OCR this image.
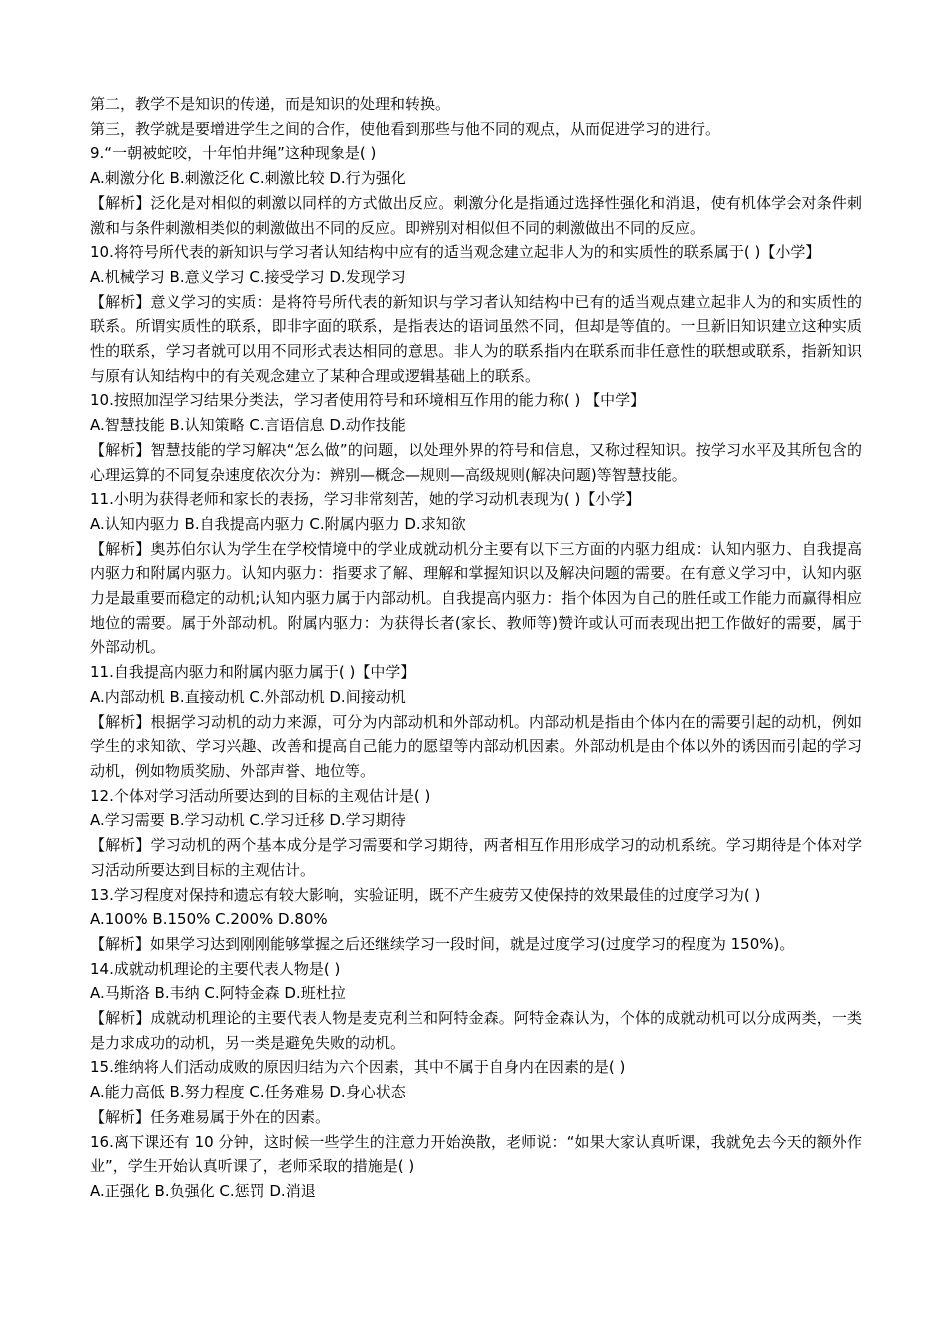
第二，教学不是知识的传递，而是知识的处理和转换。

第三，教学就是要增进学生之间的合作，使他看到那些与他不同的观点，从而促进学习的进行。

9.“一朝被蛇咬，十年怕井绳”这种现象是( )

A.刺激分化 B.刺激泛化 C.刺激比较 D.行为强化

【解析】泛化是对相似的刺激以同样的方式做出反应。刺激分化是指通过选择性强化和消退，使有机体学会对条件刺激和与条件刺激相类似的刺激做出不同的反应。即辨别对相似但不同的刺激做出不同的反应。

10.将符号所代表的新知识与学习者认知结构中应有的适当观念建立起非人为的和实质性的联系属于( )【小学】

A.机械学习 B.意义学习 C.接受学习 D.发现学习

【解析】意义学习的实质：是将符号所代表的新知识与学习者认知结构中已有的适当观点建立起非人为的和实质性的联系。所谓实质性的联系，即非字面的联系，是指表达的语词虽然不同，但却是等值的。一旦新旧知识建立这种实质性的联系，学习者就可以用不同形式表达相同的意思。非人为的联系指内在联系而非任意性的联想或联系，指新知识与原有认知结构中的有关观念建立了某种合理或逻辑基础上的联系。

10.按照加涅学习结果分类法，学习者使用符号和环境相互作用的能力称( ) 【中学】

A.智慧技能 B.认知策略 C.言语信息 D.动作技能

【解析】智慧技能的学习解决“怎么做”的问题，以处理外界的符号和信息，又称过程知识。按学习水平及其所包含的心理运算的不同复杂速度依次分为：辨别—概念—规则—高级规则(解决问题)等智慧技能。

11.小明为获得老师和家长的表扬，学习非常刻苦，她的学习动机表现为( )【小学】

A.认知内驱力 B.自我提高内驱力 C.附属内驱力 D.求知欲

【解析】奥苏伯尔认为学生在学校情境中的学业成就动机分主要有以下三方面的内驱力组成：认知内驱力、自我提高内驱力和附属内驱力。认知内驱力：指要求了解、理解和掌握知识以及解决问题的需要。在有意义学习中，认知内驱力是最重要而稳定的动机;认知内驱力属于内部动机。自我提高内驱力：指个体因为自己的胜任或工作能力而赢得相应地位的需要。属于外部动机。附属内驱力：为获得长者(家长、教师等)赞许或认可而表现出把工作做好的需要，属于外部动机。

11.自我提高内驱力和附属内驱力属于( )【中学】

A.内部动机 B.直接动机 C.外部动机 D.间接动机

【解析】根据学习动机的动力来源，可分为内部动机和外部动机。内部动机是指由个体内在的需要引起的动机，例如学生的求知欲、学习兴趣、改善和提高自己能力的愿望等内部动机因素。外部动机是由个体以外的诱因而引起的学习动机，例如物质奖励、外部声誉、地位等。

12.个体对学习活动所要达到的目标的主观估计是( )

A.学习需要 B.学习动机 C.学习迁移 D.学习期待

【解析】学习动机的两个基本成分是学习需要和学习期待，两者相互作用形成学习的动机系统。学习期待是个体对学习活动所要达到目标的主观估计。

13.学习程度对保持和遗忘有较大影响，实验证明，既不产生疲劳又使保持的效果最佳的过度学习为( )

A.100% B.150% C.200% D.80%

【解析】如果学习达到刚刚能够掌握之后还继续学习一段时间，就是过度学习(过度学习的程度为 150%)。

14.成就动机理论的主要代表人物是( )

A.马斯洛 B.韦纳 C.阿特金森 D.班杜拉

【解析】成就动机理论的主要代表人物是麦克利兰和阿特金森。阿特金森认为，个体的成就动机可以分成两类，一类是力求成功的动机，另一类是避免失败的动机。

15.维纳将人们活动成败的原因归结为六个因素，其中不属于自身内在因素的是( )

A.能力高低 B.努力程度 C.任务难易 D.身心状态

【解析】任务难易属于外在的因素。

16.离下课还有 10 分钟，这时候一些学生的注意力开始涣散，老师说：“如果大家认真听课，我就免去今天的额外作业”，学生开始认真听课了，老师采取的措施是( )

A.正强化 B.负强化 C.惩罚 D.消退
